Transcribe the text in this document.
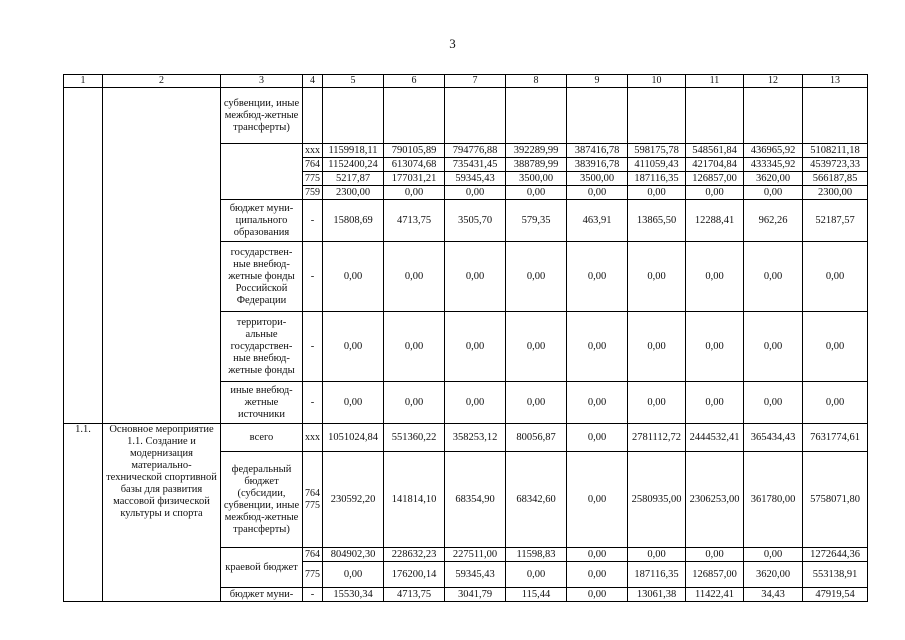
3
1	2	3	4	5	6	7	8	9	10	11	12	13
		субвенции, иные межбюд-жетные трансферты)										
			ххх	1159918,11	790105,89	794776,88	392289,99	387416,78	598175,78	548561,84	436965,92	5108211,18
			764	1152400,24	613074,68	735431,45	388789,99	383916,78	411059,43	421704,84	433345,92	4539723,33
			775	5217,87	177031,21	59345,43	3500,00	3500,00	187116,35	126857,00	3620,00	566187,85
			759	2300,00	0,00	0,00	0,00	0,00	0,00	0,00	0,00	2300,00
		бюджет муни-ципального образования	-	15808,69	4713,75	3505,70	579,35	463,91	13865,50	12288,41	962,26	52187,57
		государствен-ные внебюд-жетные фонды Российской Федерации	-	0,00	0,00	0,00	0,00	0,00	0,00	0,00	0,00	0,00
		территори-альные государствен-ные внебюд-жетные фонды	-	0,00	0,00	0,00	0,00	0,00	0,00	0,00	0,00	0,00
		иные внебюд-жетные источники	-	0,00	0,00	0,00	0,00	0,00	0,00	0,00	0,00	0,00
1.1.	Основное мероприятие 1.1. Создание и модернизация материально-технической спортивной базы для развития массовой физической культуры и спорта	всего	ххх	1051024,84	551360,22	358253,12	80056,87	0,00	2781112,72	2444532,41	365434,43	7631774,61
		федеральный бюджет (субсидии, субвенции, иные межбюд-жетные трансферты)	764 775	230592,20	141814,10	68354,90	68342,60	0,00	2580935,00	2306253,00	361780,00	5758071,80
		краевой бюджет	764	804902,30	228632,23	227511,00	11598,83	0,00	0,00	0,00	0,00	1272644,36
			775	0,00	176200,14	59345,43	0,00	0,00	187116,35	126857,00	3620,00	553138,91
		бюджет муни-	-	15530,34	4713,75	3041,79	115,44	0,00	13061,38	11422,41	34,43	47919,54
